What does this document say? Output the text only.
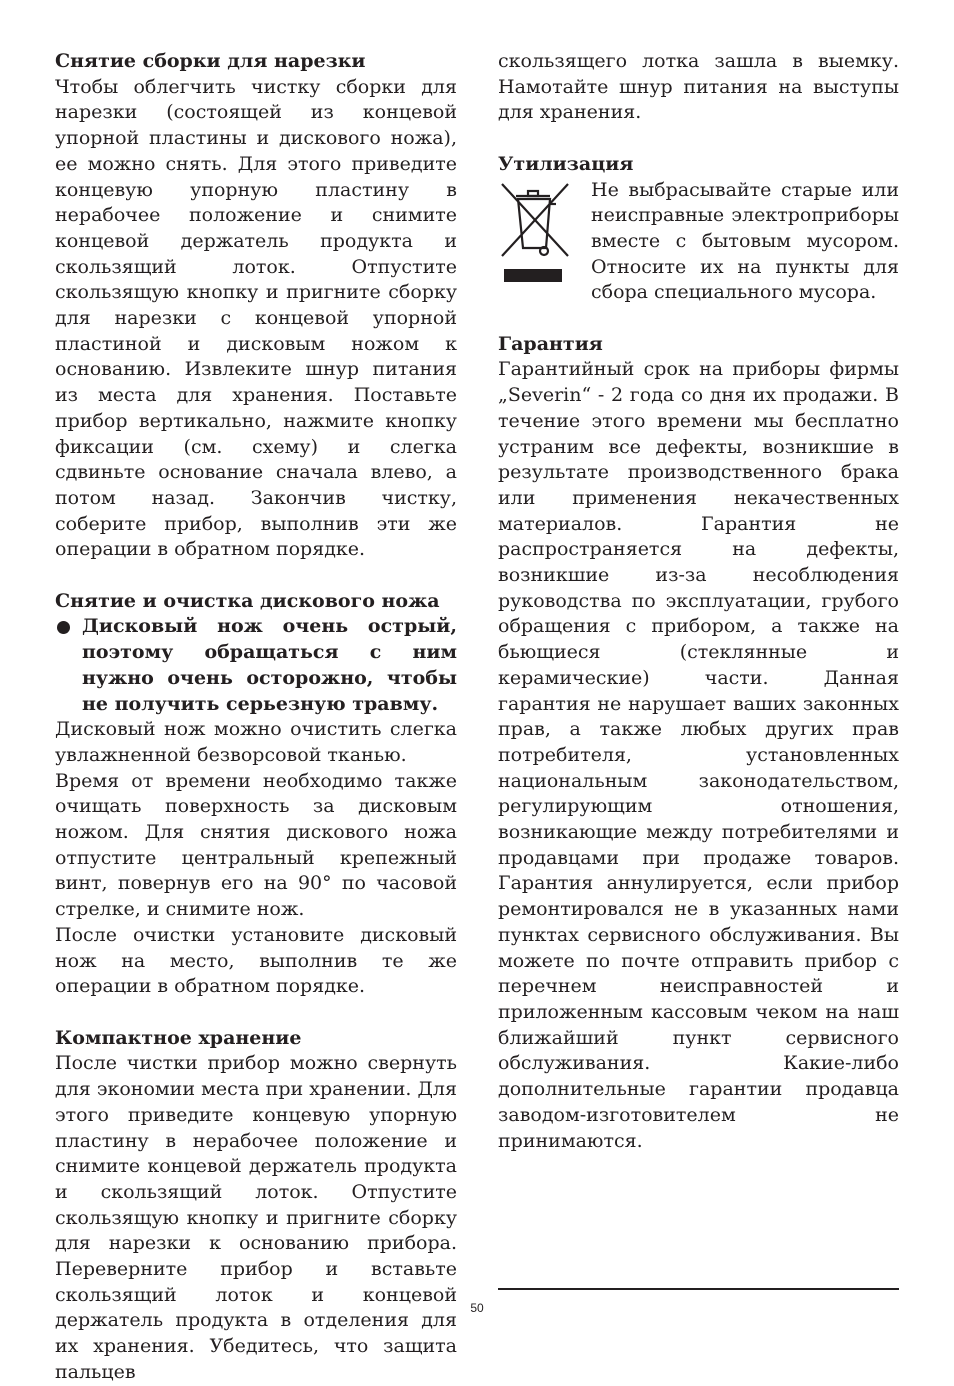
Снятие сборки для нарезки

Чтобы облегчить чистку сборки для нарезки (состоящей из концевой упорной пластины и дискового ножа), ее можно снять. Для этого приведите концевую упорную пластину в нерабочее положение и снимите концевой держатель продукта и скользящий лоток. Отпустите скользящую кнопку и пригните сборку для нарезки с концевой упорной пластиной и дисковым ножом к основанию. Извлеките шнур питания из места для хранения. Поставьте прибор вертикально, нажмите кнопку фиксации (см. схему) и слегка сдвиньте основание сначала влево, а потом назад. Закончив чистку, соберите прибор, выполнив эти же операции в обратном порядке.

Снятие и очистка дискового ножа
Дисковый нож очень острый, поэтому обращаться с ним нужно очень осторожно, чтобы не получить серьезную травму.

Дисковый нож можно очистить слегка увлажненной безворсовой тканью.

Время от времени необходимо также очищать поверхность за дисковым ножом. Для снятия дискового ножа отпустите центральный крепежный винт, повернув его на 90° по часовой стрелке, и снимите нож.

После очистки установите дисковый нож на место, выполнив те же операции в обратном порядке.

Компактное хранение

После чистки прибор можно свернуть для экономии места при хранении. Для этого приведите концевую упорную пластину в нерабочее положение и снимите концевой держатель продукта и скользящий лоток. Отпустите скользящую кнопку и пригните сборку для нарезки к основанию прибора. Переверните прибор и вставьте скользящий лоток и концевой держатель продукта в отделения для их хранения. Убедитесь, что защита пальцев

скользящего лотка зашла в выемку. Намотайте шнур питания на выступы для хранения.

Утилизация

Не выбрасывайте старые или неисправные электроприборы вместе с бытовым мусором. Относите их на пункты для сбора специального мусора.

Гарантия

Гарантийный срок на приборы фирмы „Severin“ - 2 года со дня их продажи. В течение этого времени мы бесплатно устраним все дефекты, возникшие в результате производственного брака или применения некачественных материалов. Гарантия не распространяется на дефекты, возникшие из-за несоблюдения руководства по эксплуатации, грубого обращения с прибором, а также на бьющиеся (стеклянные и керамические) части. Данная гарантия не нарушает ваших законных прав, а также любых других прав потребителя, установленных национальным законодательством, регулирующим отношения, возникающие между потребителями и продавцами при продаже товаров. Гарантия аннулируется, если прибор ремонтировался не в указанных нами пунктах сервисного обслуживания. Вы можете по почте отправить прибор с перечнем неисправностей и приложенным кассовым чеком на наш ближайший пункт сервисного обслуживания. Какие-либо дополнительные гарантии продавца заводом-изготовителем не принимаются.

50
